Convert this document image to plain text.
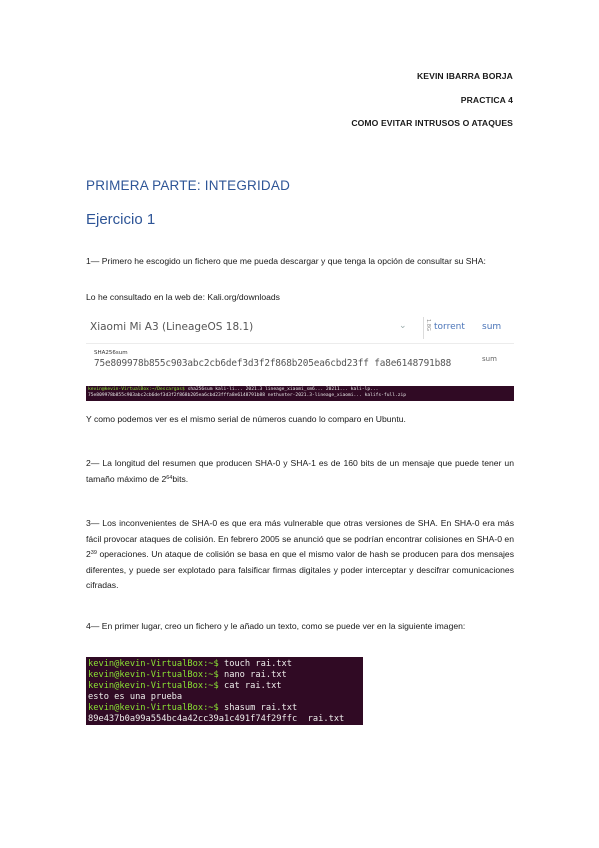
KEVIN IBARRA BORJA
PRACTICA 4
COMO EVITAR INTRUSOS O ATAQUES
PRIMERA PARTE: INTEGRIDAD
Ejercicio 1
1— Primero he escogido un fichero que me pueda descargar y que tenga la opción de consultar su SHA:
Lo he consultado en la web de: Kali.org/downloads
Xiaomi Mi A3 (LineageOS 18.1)	⌄	1.8G torrent sum
SHA256sum
75e809978b855c903abc2cb6def3d3f2f868b205ea6cbd23ff fa8e6148791b88	sum
kevin@kevin-VirtualBox:~/Descargas$ sha256sum kali-li... 2021.3 lineage_xiaomi_sm6... 20211... kali-lp...
75e809978b855c903abc2cb6def3d3f2f868b205ea6cbd23fffa8e6148791b88 nethunter-2021.3-lineage_xiaomi... kalifs-full.zip
Y como podemos ver es el mismo serial de números cuando lo comparo en Ubuntu.
2— La longitud del resumen que producen SHA-0 y SHA-1 es de 160 bits de un mensaje que puede tener un tamaño máximo de $2^{64}bits$.
3— Los inconvenientes de SHA-0 es que era más vulnerable que otras versiones de SHA. En SHA-0 era más fácil provocar ataques de colisión. En febrero 2005 se anunció que se podrían encontrar colisiones en SHA-0 en $2^{39}$ operaciones. Un ataque de colisión se basa en que el mismo valor de hash se producen para dos mensajes diferentes, y puede ser explotado para falsificar firmas digitales y poder interceptar y descifrar comunicaciones cifradas.
4— En primer lugar, creo un fichero y le añado un texto, como se puede ver en la siguiente imagen:
kevin@kevin-VirtualBox:~$ touch rai.txt
kevin@kevin-VirtualBox:~$ nano rai.txt
kevin@kevin-VirtualBox:~$ cat rai.txt
esto es una prueba
kevin@kevin-VirtualBox:~$ shasum rai.txt
89e437b0a99a554bc4a42cc39a1c491f74f29ffc  rai.txt
